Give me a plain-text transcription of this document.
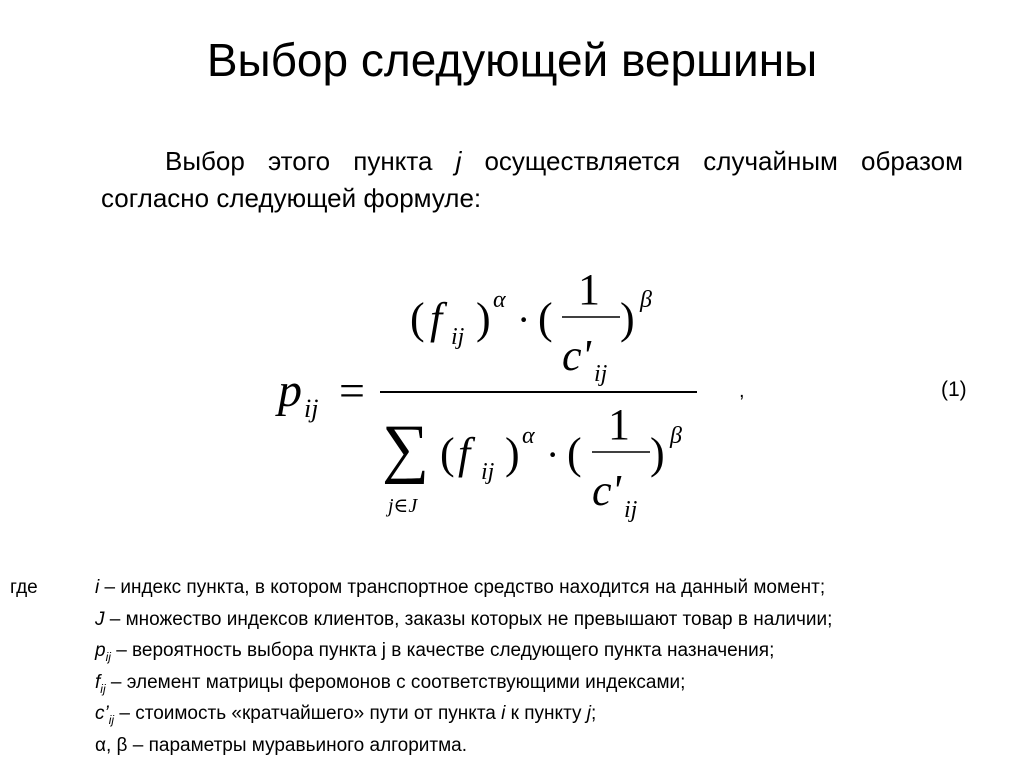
Выбор следующей вершины
Выбор этого пункта j осуществляется случайным образом согласно следующей формуле:
p ij =
( f ij ) α · (
1
c' ij
) β
∑
j∈J
( f ij ) α · (
1
c' ij
) β
,	(1)
где	i – индекс пункта, в котором транспортное средство находится на данный момент;
J – множество индексов клиентов, заказы которых не превышают товар в наличии;
$p_{ij}$ – вероятность выбора пункта j в качестве следующего пункта назначения;
$f_{ij}$ – элемент матрицы феромонов с соответствующими индексами;
$c’_{ij}$ – стоимость «кратчайшего» пути от пункта i к пункту j;
α, β – параметры муравьиного алгоритма.
